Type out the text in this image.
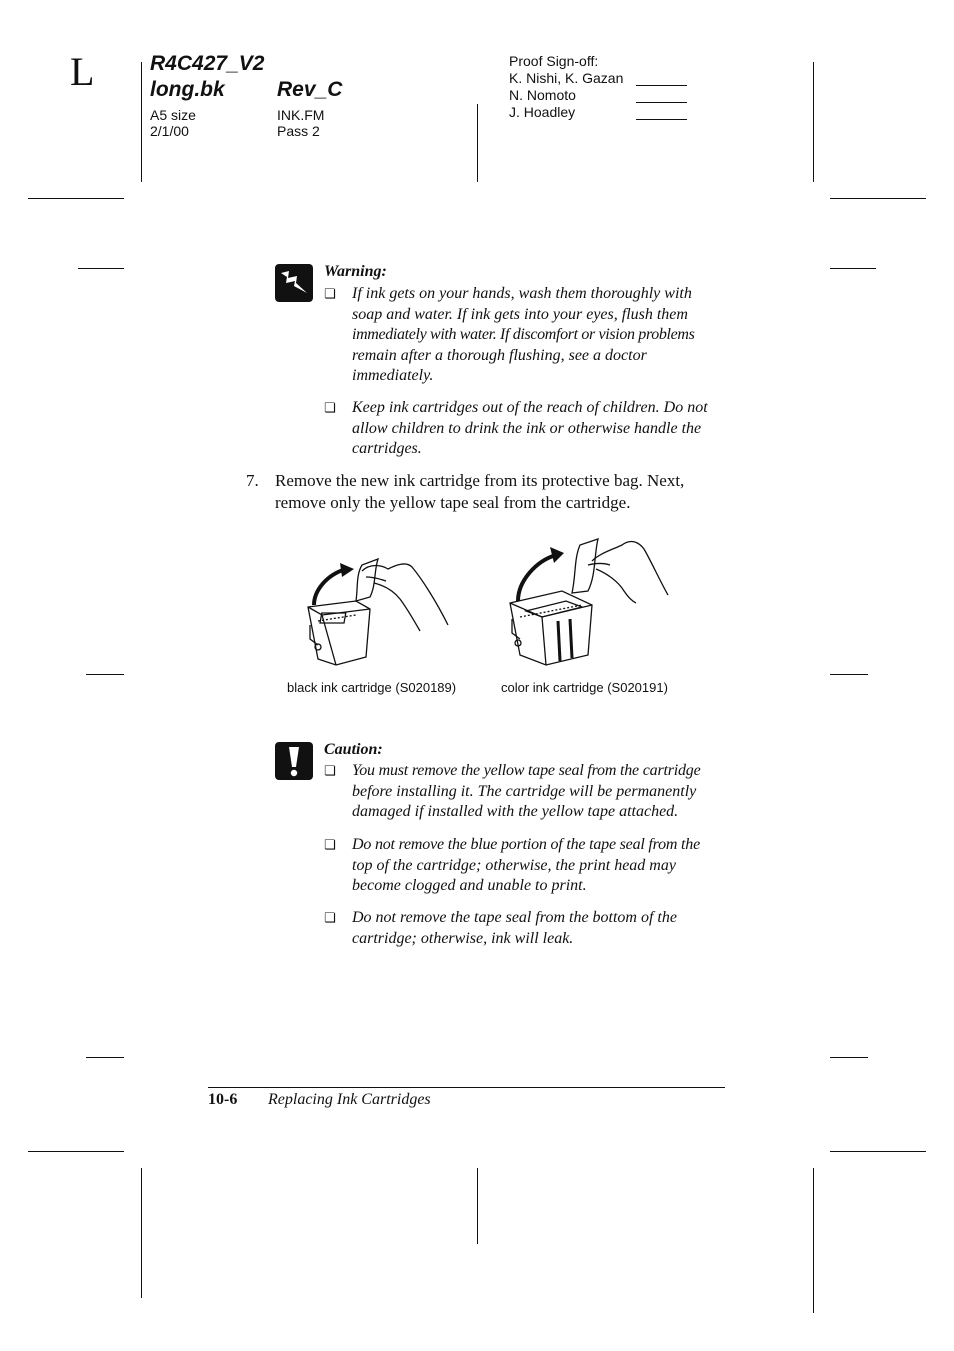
L	R4C427_V2
long.bk Rev_C
A5 size
2/1/00
INK.FM
Pass 2
Proof Sign-off:
K. Nishi, K. Gazan
N. Nomoto
J. Hoadley
Warning:
❏ If ink gets on your hands, wash them thoroughly with
soap and water. If ink gets into your eyes, flush them
immediately with water. If discomfort or vision problems
remain after a thorough flushing, see a doctor
immediately.
❏ Keep ink cartridges out of the reach of children. Do not
allow children to drink the ink or otherwise handle the
cartridges.
7. Remove the new ink cartridge from its protective bag. Next,
remove only the yellow tape seal from the cartridge.
black ink cartridge (S020189)	color ink cartridge (S020191)
Caution:
❏ You must remove the yellow tape seal from the cartridge
before installing it. The cartridge will be permanently
damaged if installed with the yellow tape attached.
❏ Do not remove the blue portion of the tape seal from the
top of the cartridge; otherwise, the print head may
become clogged and unable to print.
❏ Do not remove the tape seal from the bottom of the
cartridge; otherwise, ink will leak.
10-6 Replacing Ink Cartridges
